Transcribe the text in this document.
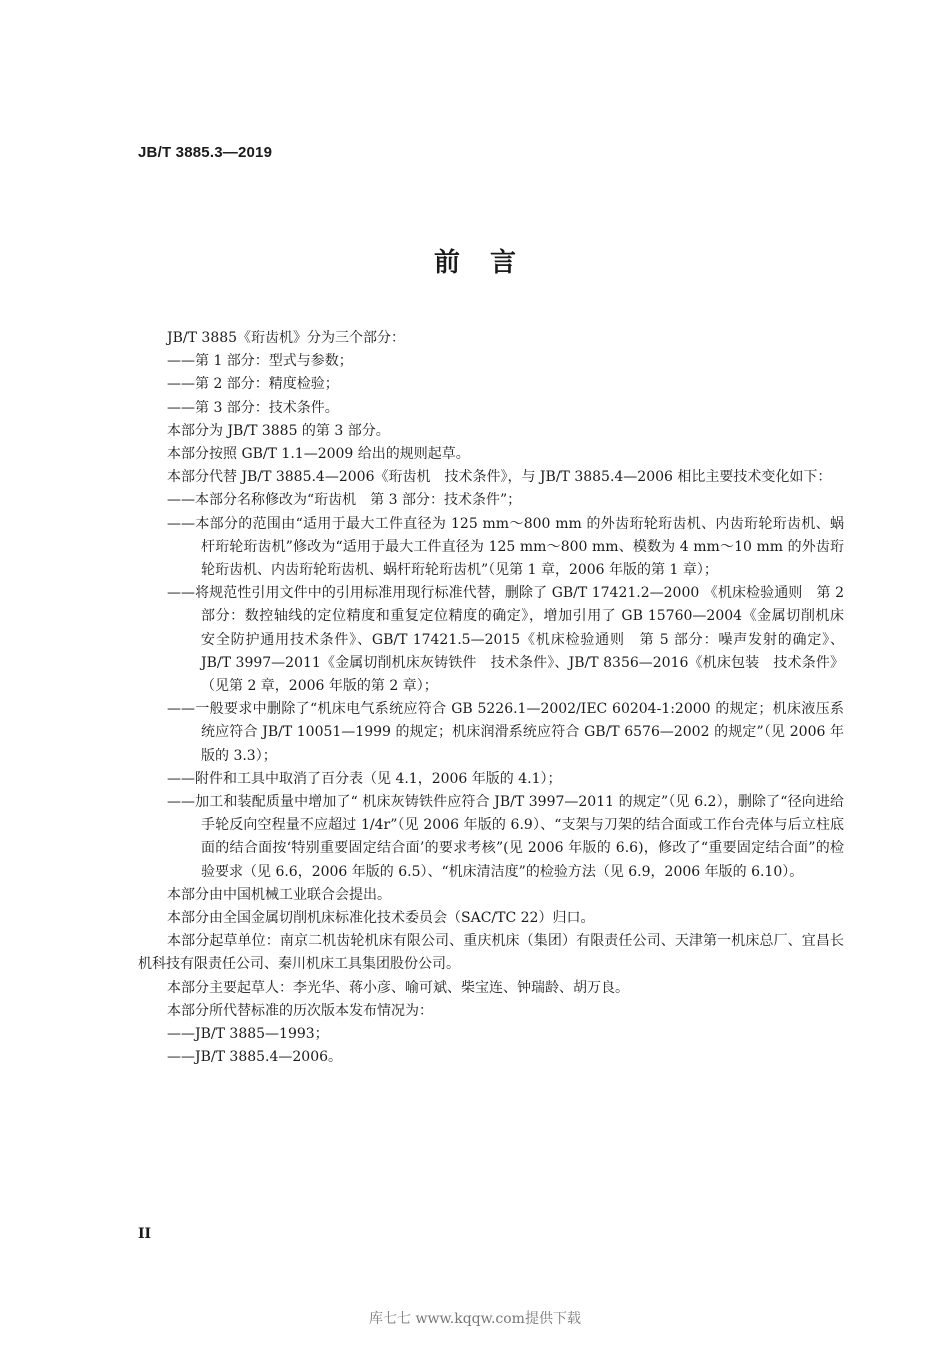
JB/T 3885.3—2019
前言

JB/T 3885《珩齿机》分为三个部分：

——第 1 部分：型式与参数；

——第 2 部分：精度检验；

——第 3 部分：技术条件。

本部分为 JB/T 3885 的第 3 部分。

本部分按照 GB/T 1.1—2009 给出的规则起草。

本部分代替 JB/T 3885.4—2006《珩齿机　技术条件》，与 JB/T 3885.4—2006 相比主要技术变化如下：

——本部分名称修改为“珩齿机　第 3 部分：技术条件”；

——本部分的范围由“适用于最大工件直径为 125 mm～800 mm 的外齿珩轮珩齿机、内齿珩轮珩齿机、蜗杆珩轮珩齿机”修改为“适用于最大工件直径为 125 mm～800 mm、模数为 4 mm～10 mm 的外齿珩轮珩齿机、内齿珩轮珩齿机、蜗杆珩轮珩齿机”（见第 1 章，2006 年版的第 1 章）；

——将规范性引用文件中的引用标准用现行标准代替，删除了 GB/T 17421.2—2000 《机床检验通则　第 2 部分：数控轴线的定位精度和重复定位精度的确定》，增加引用了 GB 15760—2004《金属切削机床　安全防护通用技术条件》、GB/T 17421.5—2015《机床检验通则　第 5 部分：噪声发射的确定》、JB/T 3997—2011《金属切削机床灰铸铁件　技术条件》、JB/T 8356—2016《机床包装　技术条件》（见第 2 章，2006 年版的第 2 章）；

——一般要求中删除了“机床电气系统应符合 GB 5226.1—2002/IEC 60204-1:2000 的规定；机床液压系统应符合 JB/T 10051—1999 的规定；机床润滑系统应符合 GB/T 6576—2002 的规定”（见 2006 年版的 3.3）；

——附件和工具中取消了百分表（见 4.1，2006 年版的 4.1）；

——加工和装配质量中增加了“ 机床灰铸铁件应符合 JB/T 3997—2011 的规定”（见 6.2），删除了“径向进给手轮反向空程量不应超过 1/4r”（见 2006 年版的 6.9）、“支架与刀架的结合面或工作台壳体与后立柱底面的结合面按‘特别重要固定结合面’的要求考核”(见 2006 年版的 6.6)，修改了“重要固定结合面”的检验要求（见 6.6，2006 年版的 6.5）、“机床清洁度”的检验方法（见 6.9，2006 年版的 6.10）。

本部分由中国机械工业联合会提出。

本部分由全国金属切削机床标准化技术委员会（SAC/TC 22）归口。

本部分起草单位：南京二机齿轮机床有限公司、重庆机床（集团）有限责任公司、天津第一机床总厂、宜昌长机科技有限责任公司、秦川机床工具集团股份公司。

本部分主要起草人：李光华、蒋小彦、喻可斌、柴宝连、钟瑞龄、胡万良。

本部分所代替标准的历次版本发布情况为：

——JB/T 3885—1993；

——JB/T 3885.4—2006。

II
库七七 www.kqqw.com提供下载
